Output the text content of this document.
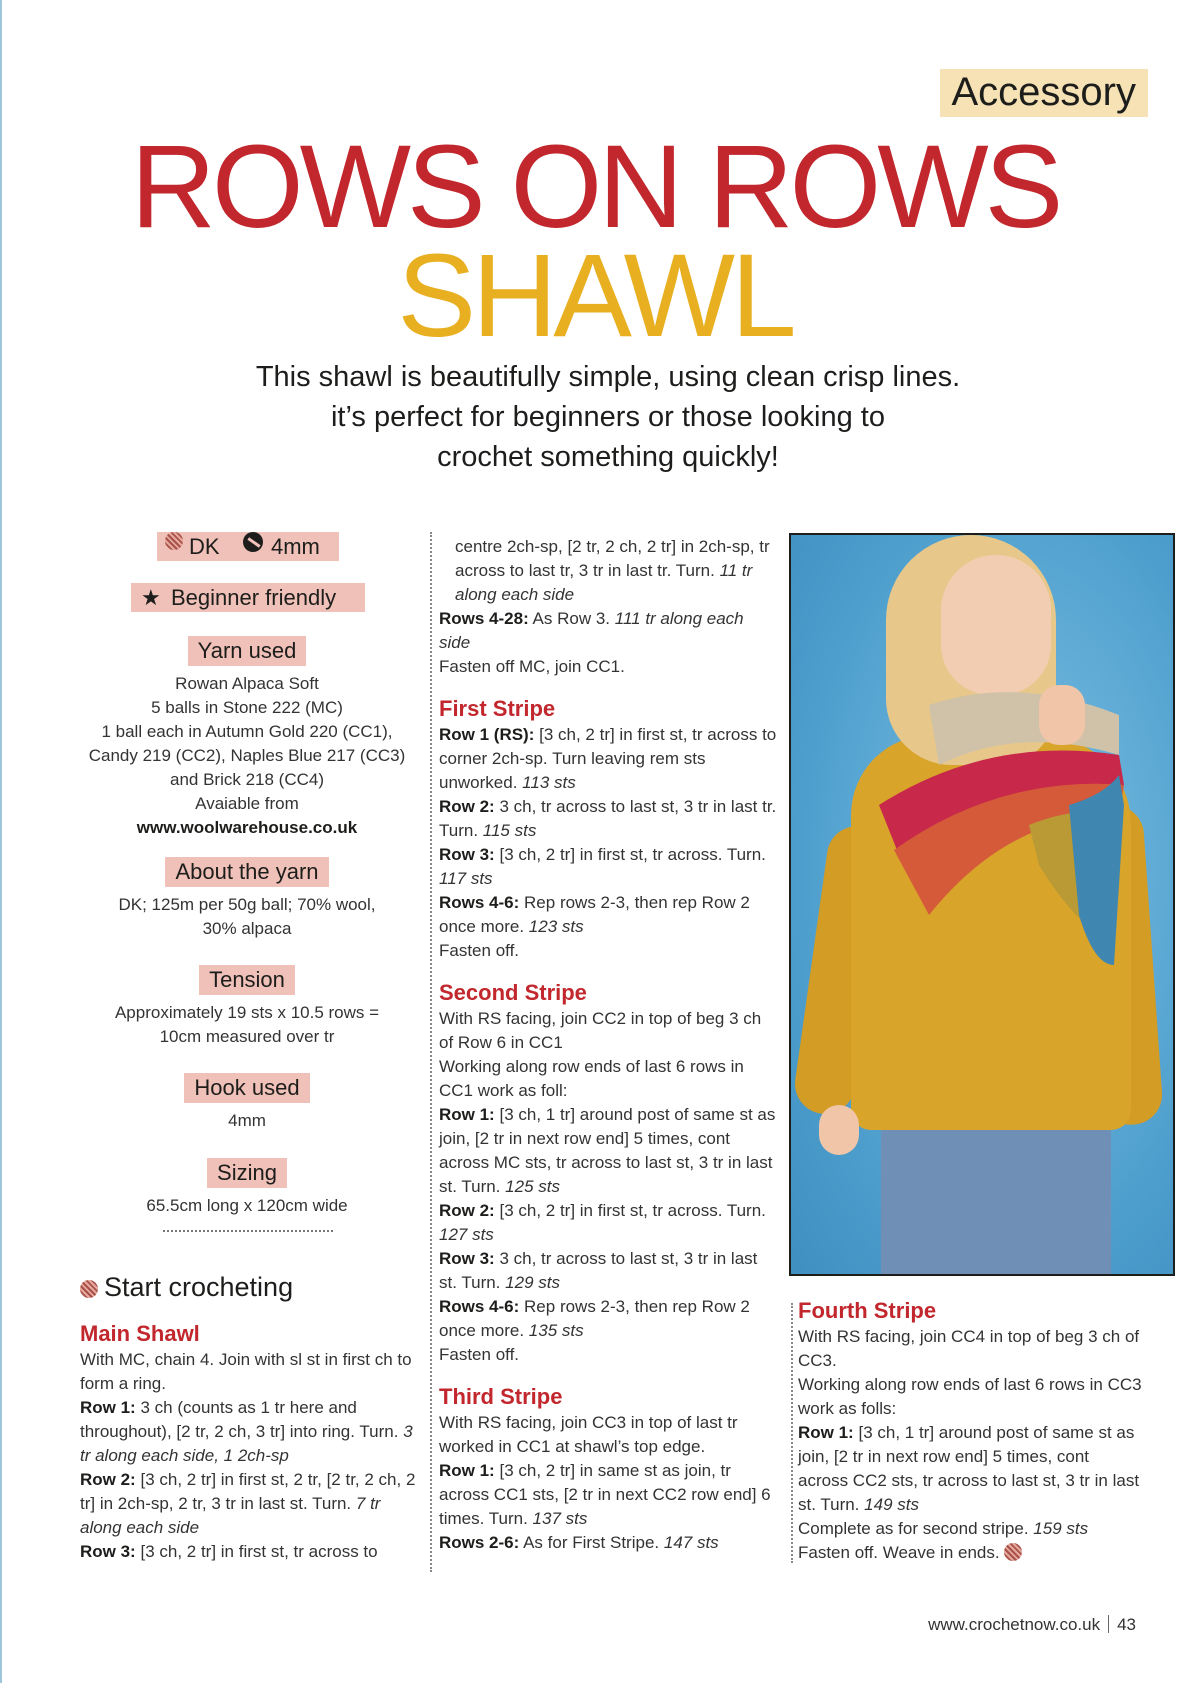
Accessory
ROWS ON ROWS
SHAWL
This shawl is beautifully simple, using clean crisp lines.
it’s perfect for beginners or those looking to
crochet something quickly!
DK 4mm
★ Beginner friendly
Yarn used
Rowan Alpaca Soft
5 balls in Stone 222 (MC)
1 ball each in Autumn Gold 220 (CC1),
Candy 219 (CC2), Naples Blue 217 (CC3)
and Brick 218 (CC4)
Avaiable from
www.woolwarehouse.co.uk
About the yarn
DK; 125m per 50g ball; 70% wool,
30% alpaca
Tension
Approximately 19 sts x 10.5 rows =
10cm measured over tr
Hook used
4mm
Sizing
65.5cm long x 120cm wide
Start crocheting

Main Shawl

With MC, chain 4. Join with sl st in first ch to form a ring.

Row 1: 3 ch (counts as 1 tr here and throughout), [2 tr, 2 ch, 3 tr] into ring. Turn. 3 tr along each side, 1 2ch-sp

Row 2: [3 ch, 2 tr] in first st, 2 tr, [2 tr, 2 ch, 2 tr] in 2ch-sp, 2 tr, 3 tr in last st. Turn. 7 tr along each side

Row 3: [3 ch, 2 tr] in first st, tr across to

centre 2ch-sp, [2 tr, 2 ch, 2 tr] in 2ch-sp, tr across to last tr, 3 tr in last tr. Turn. 11 tr along each side

Rows 4-28: As Row 3. 111 tr along each side

Fasten off MC, join CC1.

First Stripe

Row 1 (RS): [3 ch, 2 tr] in first st, tr across to corner 2ch-sp. Turn leaving rem sts unworked. 113 sts

Row 2: 3 ch, tr across to last st, 3 tr in last tr. Turn. 115 sts

Row 3: [3 ch, 2 tr] in first st, tr across. Turn. 117 sts

Rows 4-6: Rep rows 2-3, then rep Row 2 once more. 123 sts

Fasten off.

Second Stripe

With RS facing, join CC2 in top of beg 3 ch of Row 6 in CC1

Working along row ends of last 6 rows in CC1 work as foll:

Row 1: [3 ch, 1 tr] around post of same st as join, [2 tr in next row end] 5 times, cont across MC sts, tr across to last st, 3 tr in last st. Turn. 125 sts

Row 2: [3 ch, 2 tr] in first st, tr across. Turn. 127 sts

Row 3: 3 ch, tr across to last st, 3 tr in last st. Turn. 129 sts

Rows 4-6: Rep rows 2-3, then rep Row 2 once more. 135 sts

Fasten off.

Third Stripe

With RS facing, join CC3 in top of last tr worked in CC1 at shawl’s top edge.

Row 1: [3 ch, 2 tr] in same st as join, tr across CC1 sts, [2 tr in next CC2 row end] 6 times. Turn. 137 sts

Rows 2-6: As for First Stripe. 147 sts

Fourth Stripe

With RS facing, join CC4 in top of beg 3 ch of CC3.

Working along row ends of last 6 rows in CC3 work as folls:

Row 1: [3 ch, 1 tr] around post of same st as join, [2 tr in next row end] 5 times, cont across CC2 sts, tr across to last st, 3 tr in last st. Turn. 149 sts

Complete as for second stripe. 159 sts

Fasten off. Weave in ends.

www.crochetnow.co.uk 43
